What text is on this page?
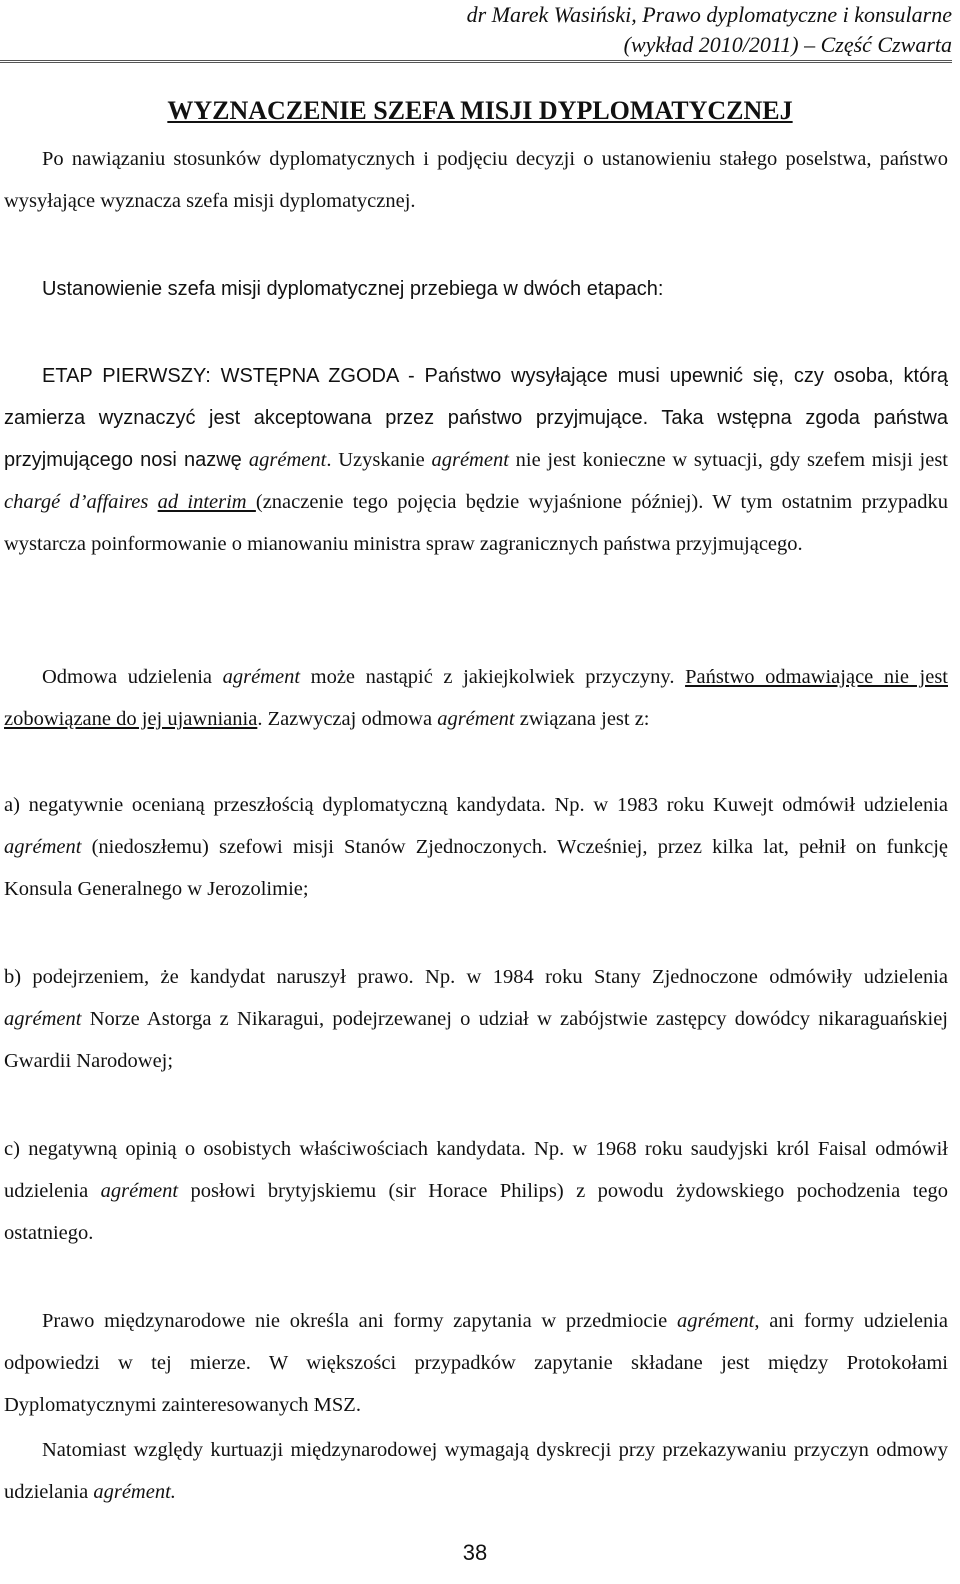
dr Marek Wasiński, Prawo dyplomatyczne i konsularne
(wykład 2010/2011) – Część Czwarta
WYZNACZENIE SZEFA MISJI DYPLOMATYCZNEJ
Po nawiązaniu stosunków dyplomatycznych i podjęciu decyzji o ustanowieniu stałego poselstwa, państwo wysyłające wyznacza szefa misji dyplomatycznej.
Ustanowienie szefa misji dyplomatycznej przebiega w dwóch etapach:
ETAP PIERWSZY: WSTĘPNA ZGODA - Państwo wysyłające musi upewnić się, czy osoba, którą zamierza wyznaczyć jest akceptowana przez państwo przyjmujące. Taka wstępna zgoda państwa przyjmującego nosi nazwę agrément. Uzyskanie agrément nie jest konieczne w sytuacji, gdy szefem misji jest chargé d’affaires ad interim (znaczenie tego pojęcia będzie wyjaśnione później). W tym ostatnim przypadku wystarcza poinformowanie o mianowaniu ministra spraw zagranicznych państwa przyjmującego.
Odmowa udzielenia agrément może nastąpić z jakiejkolwiek przyczyny. Państwo odmawiające nie jest zobowiązane do jej ujawniania. Zazwyczaj odmowa agrément związana jest z:
a) negatywnie ocenianą przeszłością dyplomatyczną kandydata. Np. w 1983 roku Kuwejt odmówił udzielenia agrément (niedoszłemu) szefowi misji Stanów Zjednoczonych. Wcześniej, przez kilka lat, pełnił on funkcję Konsula Generalnego w Jerozolimie;
b) podejrzeniem, że kandydat naruszył prawo. Np. w 1984 roku Stany Zjednoczone odmówiły udzielenia agrément Norze Astorga z Nikaragui, podejrzewanej o udział w zabójstwie zastępcy dowódcy nikaraguańskiej Gwardii Narodowej;
c) negatywną opinią o osobistych właściwościach kandydata. Np. w 1968 roku saudyjski król Faisal odmówił udzielenia agrément posłowi brytyjskiemu (sir Horace Philips) z powodu żydowskiego pochodzenia tego ostatniego.
Prawo międzynarodowe nie określa ani formy zapytania w przedmiocie agrément, ani formy udzielenia odpowiedzi w tej mierze. W większości przypadków zapytanie składane jest między Protokołami Dyplomatycznymi zainteresowanych MSZ.
Natomiast względy kurtuazji międzynarodowej wymagają dyskrecji przy przekazywaniu przyczyn odmowy udzielania agrément.
38
